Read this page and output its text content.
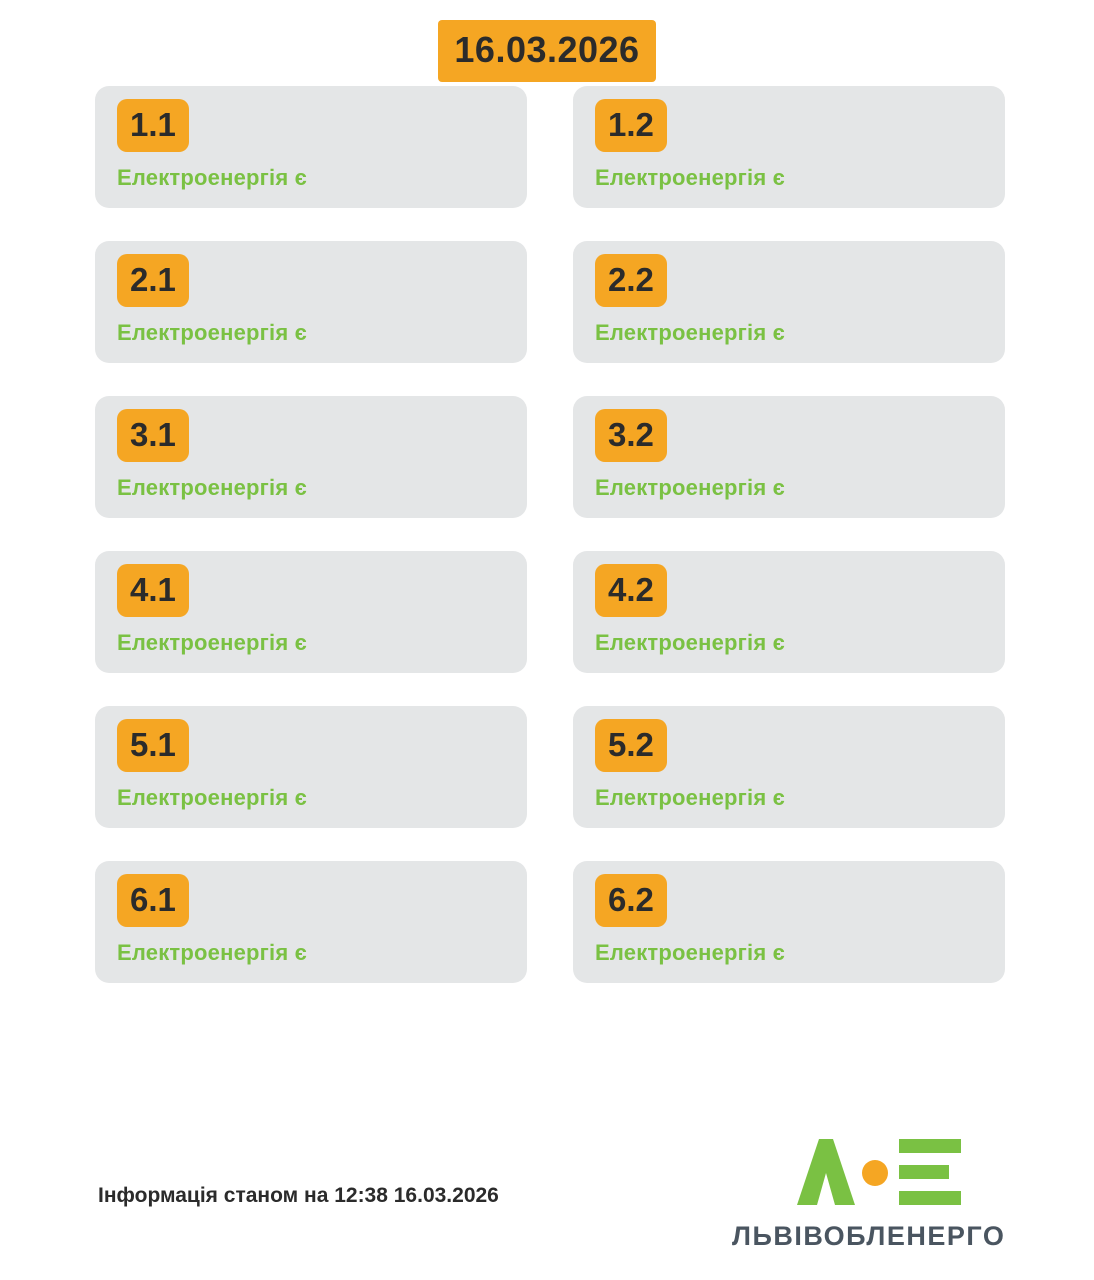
16.03.2026
1.1
Електроенергія є
1.2
Електроенергія є
2.1
Електроенергія є
2.2
Електроенергія є
3.1
Електроенергія є
3.2
Електроенергія є
4.1
Електроенергія є
4.2
Електроенергія є
5.1
Електроенергія є
5.2
Електроенергія є
6.1
Електроенергія є
6.2
Електроенергія є
Інформація станом на 12:38 16.03.2026
ЛЬВІВОБЛЕНЕРГО
